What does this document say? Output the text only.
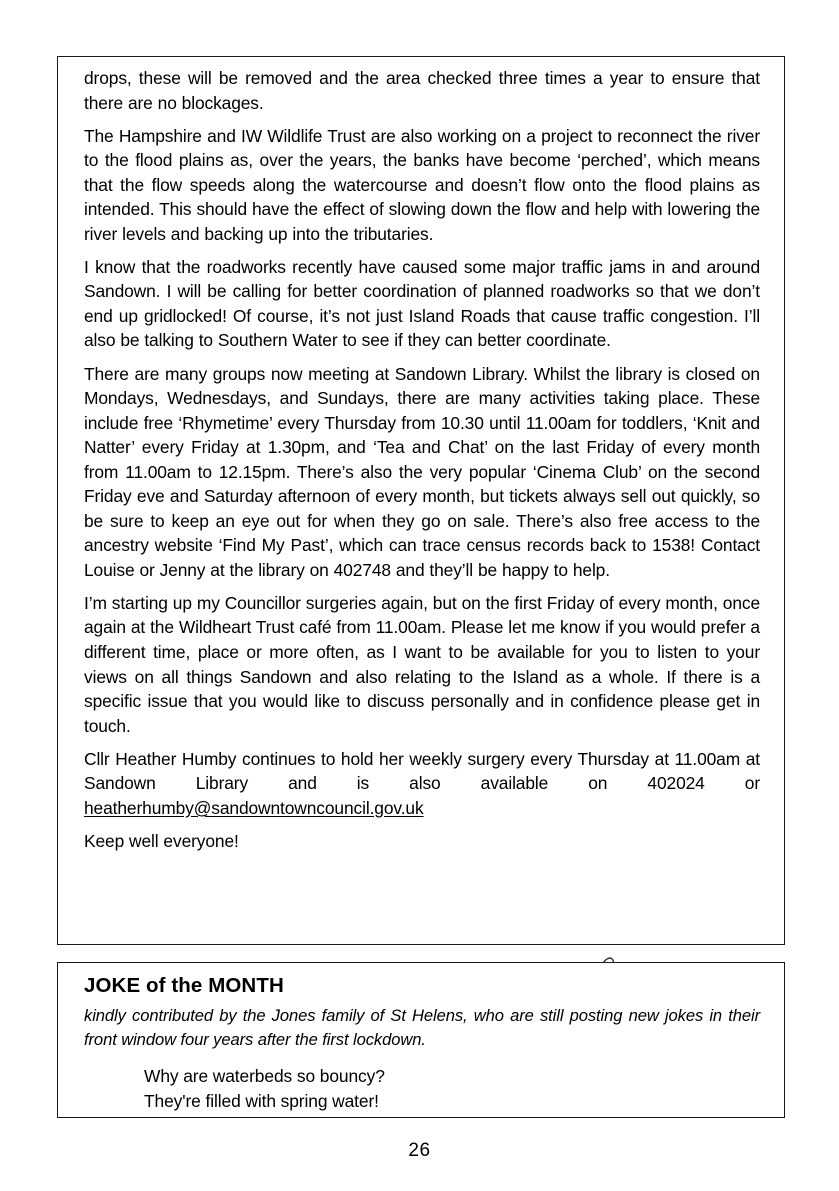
drops, these will be removed and the area checked three times a year to ensure that there are no blockages.

The Hampshire and IW Wildlife Trust are also working on a project to reconnect the river to the flood plains as, over the years, the banks have become ‘perched’, which means that the flow speeds along the watercourse and doesn’t flow onto the flood plains as intended. This should have the effect of slowing down the flow and help with lowering the river levels and backing up into the tributaries.

I know that the roadworks recently have caused some major traffic jams in and around Sandown. I will be calling for better coordination of planned roadworks so that we don’t end up gridlocked! Of course, it’s not just Island Roads that cause traffic congestion. I’ll also be talking to Southern Water to see if they can better coordinate.

There are many groups now meeting at Sandown Library. Whilst the library is closed on Mondays, Wednesdays, and Sundays, there are many activities taking place. These include free ‘Rhymetime’ every Thursday from 10.30 until 11.00am for toddlers, ‘Knit and Natter’ every Friday at 1.30pm, and ‘Tea and Chat’ on the last Friday of every month from 11.00am to 12.15pm. There’s also the very popular ‘Cinema Club’ on the second Friday eve and Saturday afternoon of every month, but tickets always sell out quickly, so be sure to keep an eye out for when they go on sale. There’s also free access to the ancestry website ‘Find My Past’, which can trace census records back to 1538! Contact Louise or Jenny at the library on 402748 and they’ll be happy to help.

I’m starting up my Councillor surgeries again, but on the first Friday of every month, once again at the Wildheart Trust café from 11.00am. Please let me know if you would prefer a different time, place or more often, as I want to be available for you to listen to your views on all things Sandown and also relating to the Island as a whole. If there is a specific issue that you would like to discuss personally and in confidence please get in touch.

Cllr Heather Humby continues to hold her weekly surgery every Thursday at 11.00am at Sandown Library and is also available on 402024 or heatherhumby@sandowntowncouncil.gov.uk

Keep well everyone!

JOKE of the MONTH
kindly contributed by the Jones family of St Helens, who are still posting new jokes in their front window four years after the first lockdown.
Why are waterbeds so bouncy?
They're filled with spring water!
26
